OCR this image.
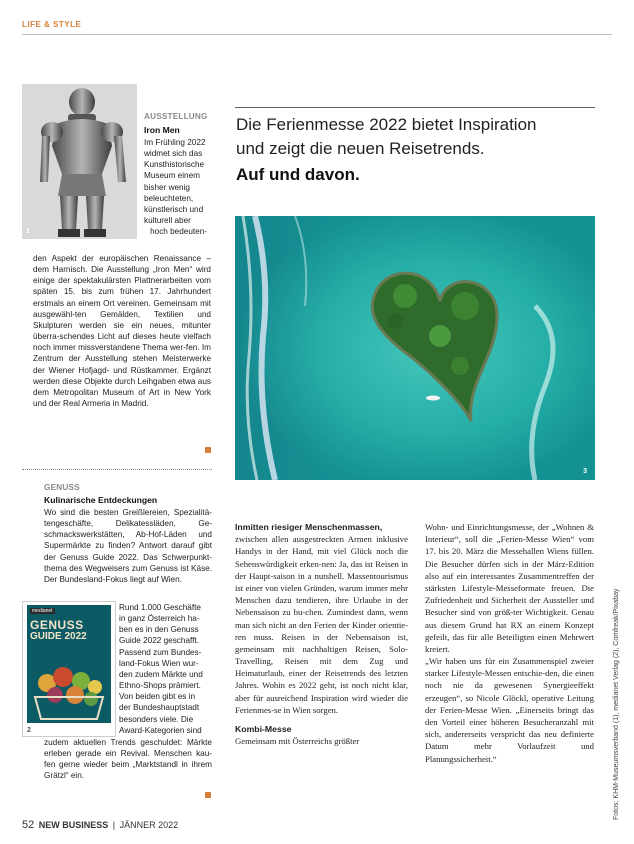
LIFE & STYLE
1
AUSSTELLUNG
Iron Men
Im Frühling 2022
widmet sich das
Kunsthistorische
Museum einem
bisher wenig
beleuchteten,
künstlerisch und
kulturell aber
hoch bedeuten-
den Aspekt der europäischen Renaissance – dem Harnisch. Die Ausstellung „Iron Men“ wird einige der spektakulärsten Plattnerarbeiten vom späten 15. bis zum frühen 17. Jahrhundert erstmals an einem Ort vereinen. Gemeinsam mit ausgewähl-ten Gemälden, Textilien und Skulpturen werden sie ein neues, mitunter überra-schendes Licht auf dieses heute vielfach noch immer missverstandene Thema wer-fen. Im Zentrum der Ausstellung stehen Meisterwerke der Wiener Hofjagd- und Rüstkammer. Ergänzt werden diese Objekte durch Leihgaben etwa aus dem Metropolitan Museum of Art in New York und der Real Armeria in Madrid.
GENUSS
Kulinarische Entdeckungen
Wo sind die besten Greißlereien, Spezialitä-tengeschäfte, Delikatessläden, Ge-schmackswerkstätten, Ab-Hof-Läden und Supermärkte zu finden? Antwort darauf gibt der Genuss Guide 2022. Das Schwerpunkt-thema des Wegweisers zum Genuss ist Käse. Der Bundesland-Fokus liegt auf Wien.
medianet
GENUSS
GUIDE 2022
2
Rund 1.000 Geschäfte
in ganz Österreich ha-
ben es in den Genuss
Guide 2022 geschafft.
Passend zum Bundes-
land-Fokus Wien wur-
den zudem Märkte und
Ethno-Shops prämiert.
Von beiden gibt es in
der Bundeshauptstadt
besonders viele. Die
Award-Kategorien sind
zudem aktuellen Trends geschuldet: Märkte erleben gerade ein Revival. Menschen kau-fen gerne wieder beim „Marktstandl in ihrem Grätzl“ ein.
Die Ferienmesse 2022 bietet Inspiration
und zeigt die neuen Reisetrends.
Auf und davon.
3

Inmitten riesiger Menschenmassen,

zwischen allen ausgestreckten Armen inklusive Handys in der Hand, mit viel Glück noch die Sehenswürdigkeit erken-nen: Ja, das ist Reisen in der Haupt-saison in a nutshell. Massentourismus ist einer von vielen Gründen, warum immer mehr Menschen dazu tendieren, ihre Urlaube in der Nebensaison zu bu-chen. Zumindest dann, wenn man sich nicht an den Ferien der Kinder orientie-ren muss. Reisen in der Nebensaison ist, gemeinsam mit nachhaltigen Reisen, Solo-Travelling, Reisen mit dem Zug und Heimaturlaub, einer der Reisetrends des letzten Jahres. Wohin es 2022 geht, ist noch nicht klar, aber für ausreichend Inspiration wird wieder die Ferienmes-se in Wien sorgen.

Kombi-Messe

Gemeinsam mit Österreichs größter

Wohn- und Einrichtungsmesse, der „Wohnen & Interieur“, soll die „Ferien-Messe Wien“ vom 17. bis 20. März die Messehallen Wiens füllen. Die Besucher dürfen sich in der März-Edition also auf ein interessantes Zusammentreffen der stärksten Lifestyle-Messeformate freuen. Die Zufriedenheit und Sicherheit der Aussteller und Besucher sind von größ-ter Wichtigkeit. Genau aus diesem Grund hat RX an einem Konzept gefeilt, das für alle Beteiligten einen Mehrwert kreiert.

„Wir haben uns für ein Zusammenspiel zweier starker Lifestyle-Messen entschie-den, die einen noch nie da gewesenen Synergieeffekt erzeugen“, so Nicole Glöckl, operative Leitung der Ferien-Messe Wien. „Einerseits bringt das den Vorteil einer höheren Besucheranzahl mit sich, andererseits verspricht das neu definierte Datum mehr Vorlaufzeit und Planungssicherheit.“	Fotos: KHM-Museumsverband (1), medianet Verlag (2), Comfreak/Pixabay
52 NEW BUSINESS | JÄNNER 2022
